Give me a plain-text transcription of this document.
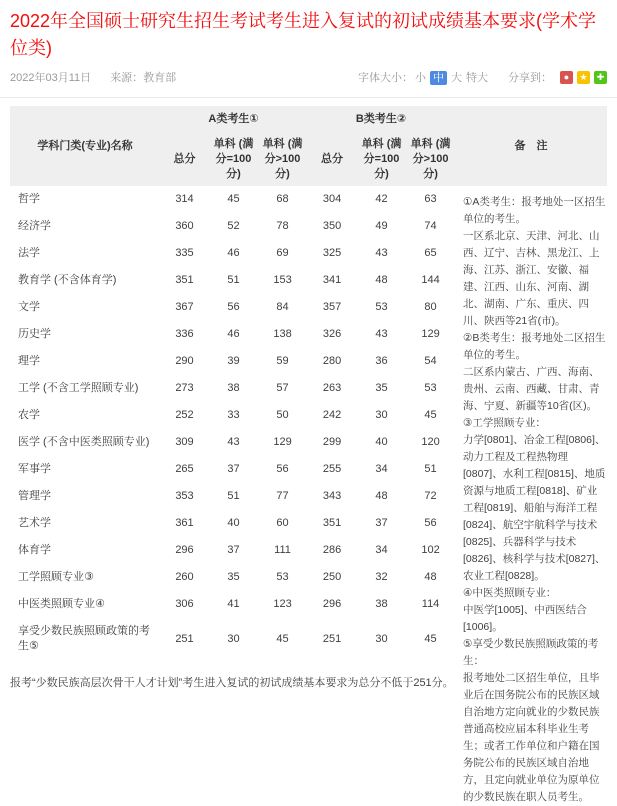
2022年全国硕士研究生招生考试考生进入复试的初试成绩基本要求(学术学位类)
2022年03月11日 来源：教育部	字体大小： 小 中 大 特大 分享到：	●	★	✚
学科门类(专业)名称	A类考生①			B类考生②		
	总分	单科 (满分=100分)	单科 (满分>100分)	总分	单科 (满分=100分)	单科 (满分>100分)
哲学	314	45	68	304	42	63
经济学	360	52	78	350	49	74
法学	335	46	69	325	43	65
教育学 (不含体育学)	351	51	153	341	48	144
文学	367	56	84	357	53	80
历史学	336	46	138	326	43	129
理学	290	39	59	280	36	54
工学 (不含工学照顾专业)	273	38	57	263	35	53
农学	252	33	50	242	30	45
医学 (不含中医类照顾专业)	309	43	129	299	40	120
军事学	265	37	56	255	34	51
管理学	353	51	77	343	48	72
艺术学	361	40	60	351	37	56
体育学	296	37	111	286	34	102
工学照顾专业③	260	35	53	250	32	48
中医类照顾专业④	306	41	123	296	38	114
享受少数民族照顾政策的考生⑤	251	30	45	251	30	45

报考“少数民族高层次骨干人才计划”考生进入复试的初试成绩基本要求为总分不低于251分。

备　注

①A类考生：报考地处一区招生单位的考生。

一区系北京、天津、河北、山西、辽宁、吉林、黑龙江、上海、江苏、浙江、安徽、福建、江西、山东、河南、湖北、湖南、广东、重庆、四川、陕西等21省(市)。

②B类考生：报考地处二区招生单位的考生。

二区系内蒙古、广西、海南、贵州、云南、西藏、甘肃、青海、宁夏、新疆等10省(区)。

③工学照顾专业：

力学[0801]、冶金工程[0806]、动力工程及工程热物理[0807]、水利工程[0815]、地质资源与地质工程[0818]、矿业工程[0819]、船舶与海洋工程[0824]、航空宇航科学与技术[0825]、兵器科学与技术[0826]、核科学与技术[0827]、农业工程[0828]。

④中医类照顾专业：

中医学[1005]、中西医结合[1006]。

⑤享受少数民族照顾政策的考生：

报考地处二区招生单位，且毕业后在国务院公布的民族区域自治地方定向就业的少数民族普通高校应届本科毕业生考生；或者工作单位和户籍在国务院公布的民族区域自治地方，且定向就业单位为原单位的少数民族在职人员考生。
